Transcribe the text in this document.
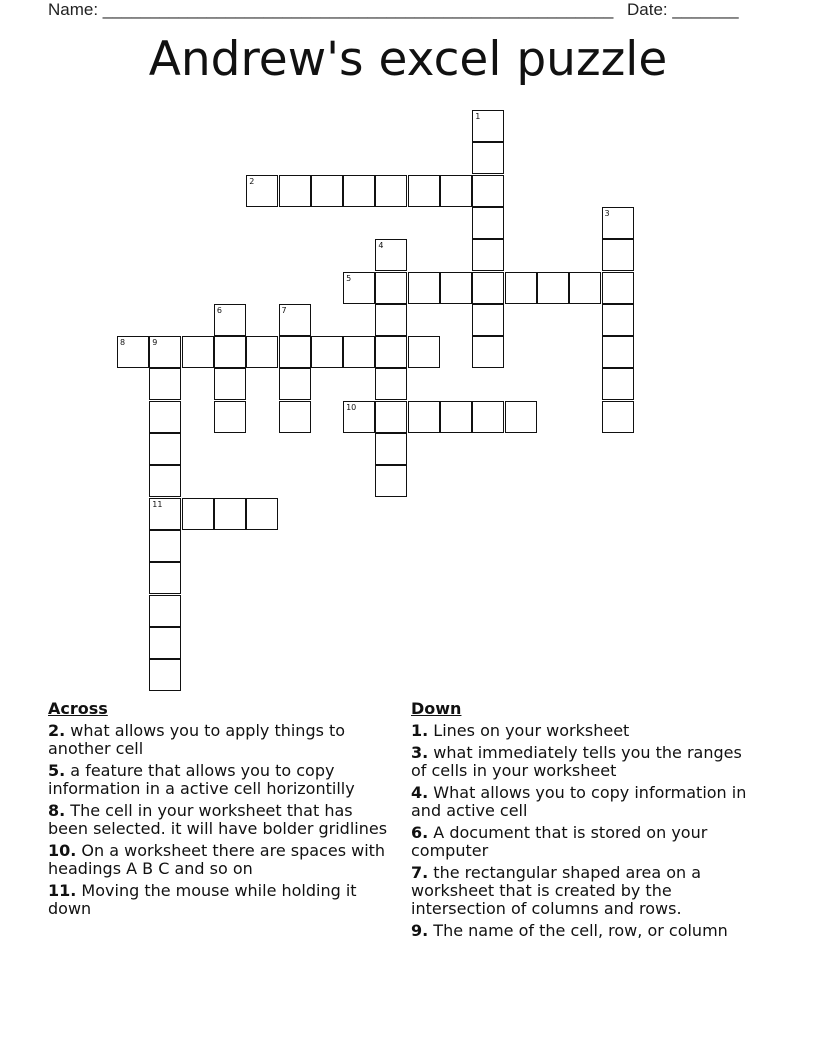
Name: ______________________________________________________ Date: _______
Andrew's excel puzzle
1
2
3
4
5
6	7
8	9
11
10
Across
2. what allows you to apply things to another cell
5. a feature that allows you to copy information in a active cell horizontilly
8. The cell in your worksheet that has been selected. it will have bolder gridlines
10. On a worksheet there are spaces with headings A B C and so on
11. Moving the mouse while holding it down
Down
1. Lines on your worksheet
3. what immediately tells you the ranges of cells in your worksheet
4. What allows you to copy information in and active cell
6. A document that is stored on your computer
7. the rectangular shaped area on a worksheet that is created by the intersection of columns and rows.
9. The name of the cell, row, or column
